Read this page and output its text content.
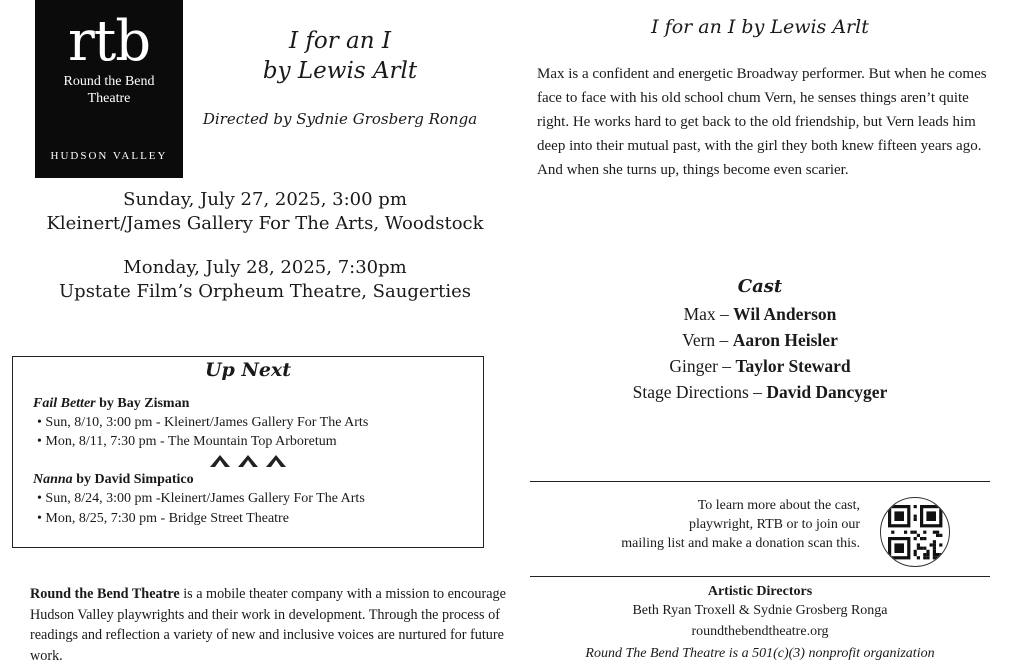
rtb
Round the Bend
Theatre
HUDSON VALLEY
I for an I
by Lewis Arlt
Directed by Sydnie Grosberg Ronga
Sunday, July 27, 2025, 3:00 pm
Kleinert/James Gallery For The Arts, Woodstock
Monday, July 28, 2025, 7:30pm
Upstate Film’s Orpheum Theatre, Saugerties
Up Next
Fail Better by Bay Zisman
• Sun, 8/10, 3:00 pm - Kleinert/James Gallery For The Arts
• Mon, 8/11, 7:30 pm - The Mountain Top Arboretum
Nanna by David Simpatico
• Sun, 8/24, 3:00 pm -Kleinert/James Gallery For The Arts
• Mon, 8/25, 7:30 pm - Bridge Street Theatre
Round the Bend Theatre is a mobile theater company with a mission to encourage Hudson Valley playwrights and their work in development. Through the process of readings and reflection a variety of new and inclusive voices are nurtured for future work.
I for an I by Lewis Arlt
Max is a confident and energetic Broadway performer. But when he comes face to face with his old school chum Vern, he senses things aren’t quite right. He works hard to get back to the old friendship, but Vern leads him deep into their mutual past, with the girl they both knew fifteen years ago. And when she turns up, things become even scarier.
Cast
Max – Wil Anderson
Vern – Aaron Heisler
Ginger – Taylor Steward
Stage Directions – David Dancyger
To learn more about the cast,
playwright, RTB or to join our
mailing list and make a donation scan this.
Artistic Directors
Beth Ryan Troxell & Sydnie Grosberg Ronga
roundthebendtheatre.org
Round The Bend Theatre is a 501(c)(3) nonprofit organization
